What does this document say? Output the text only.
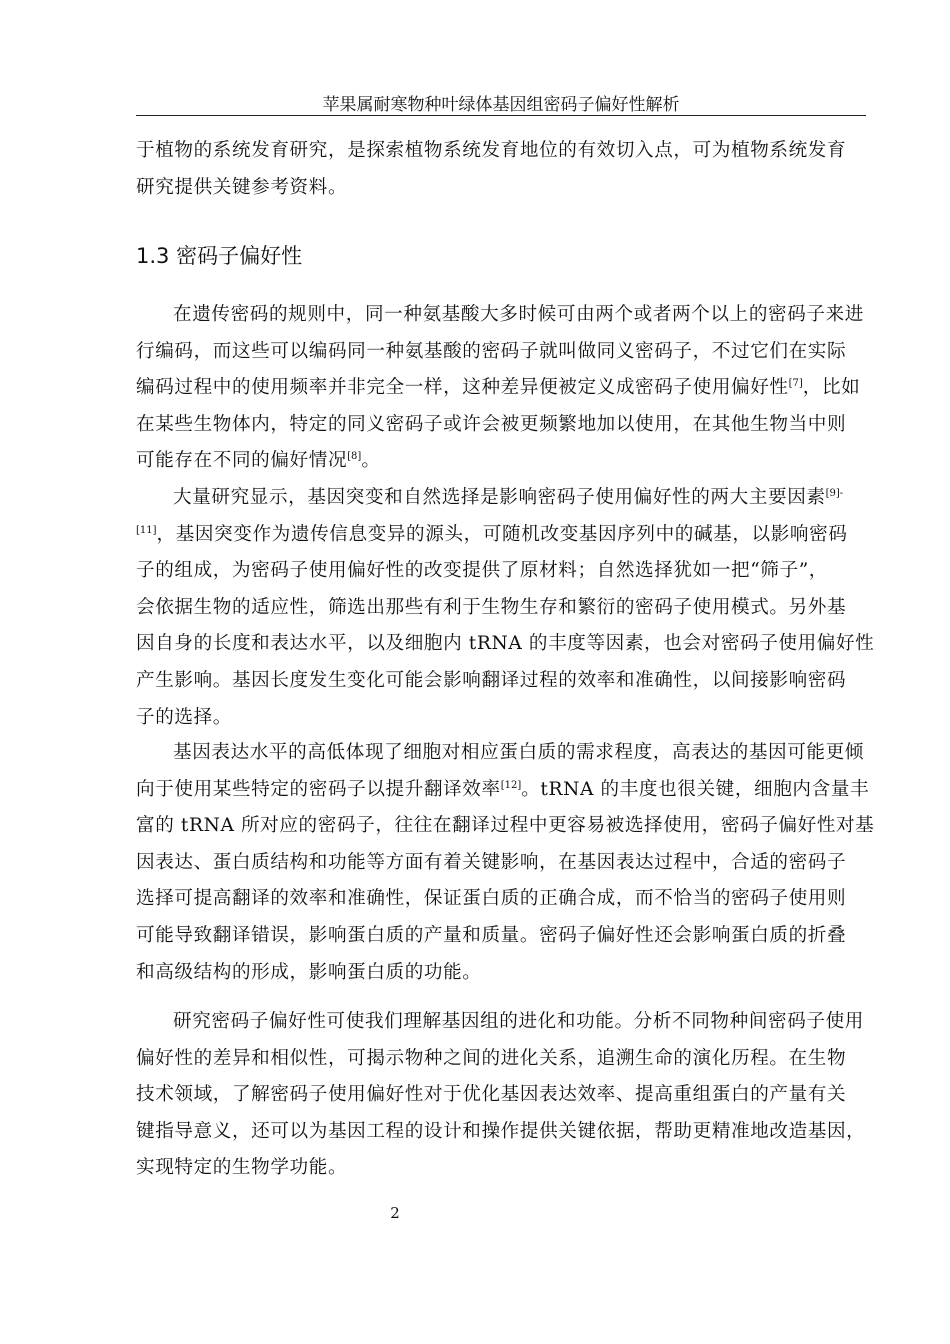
苹果属耐寒物种叶绿体基因组密码子偏好性解析
于植物的系统发育研究，是探索植物系统发育地位的有效切入点，可为植物系统发育
研究提供关键参考资料。
1.3 密码子偏好性
在遗传密码的规则中，同一种氨基酸大多时候可由两个或者两个以上的密码子来进
行编码，而这些可以编码同一种氨基酸的密码子就叫做同义密码子，不过它们在实际
编码过程中的使用频率并非完全一样，这种差异便被定义成密码子使用偏好性[7]，比如
在某些生物体内，特定的同义密码子或许会被更频繁地加以使用，在其他生物当中则
可能存在不同的偏好情况[8]。
大量研究显示，基因突变和自然选择是影响密码子使用偏好性的两大主要因素$^{[9]-}$
[11]，基因突变作为遗传信息变异的源头，可随机改变基因序列中的碱基，以影响密码
子的组成，为密码子使用偏好性的改变提供了原材料；自然选择犹如一把“筛子”，
会依据生物的适应性，筛选出那些有利于生物生存和繁衍的密码子使用模式。另外基
因自身的长度和表达水平，以及细胞内 tRNA 的丰度等因素，也会对密码子使用偏好性
产生影响。基因长度发生变化可能会影响翻译过程的效率和准确性，以间接影响密码
子的选择。
基因表达水平的高低体现了细胞对相应蛋白质的需求程度，高表达的基因可能更倾
向于使用某些特定的密码子以提升翻译效率[12]。tRNA 的丰度也很关键，细胞内含量丰
富的 tRNA 所对应的密码子，往往在翻译过程中更容易被选择使用，密码子偏好性对基
因表达、蛋白质结构和功能等方面有着关键影响，在基因表达过程中，合适的密码子
选择可提高翻译的效率和准确性，保证蛋白质的正确合成，而不恰当的密码子使用则
可能导致翻译错误，影响蛋白质的产量和质量。密码子偏好性还会影响蛋白质的折叠
和高级结构的形成，影响蛋白质的功能。
研究密码子偏好性可使我们理解基因组的进化和功能。分析不同物种间密码子使用
偏好性的差异和相似性，可揭示物种之间的进化关系，追溯生命的演化历程。在生物
技术领域，了解密码子使用偏好性对于优化基因表达效率、提高重组蛋白的产量有关
键指导意义，还可以为基因工程的设计和操作提供关键依据，帮助更精准地改造基因，
实现特定的生物学功能。
2
